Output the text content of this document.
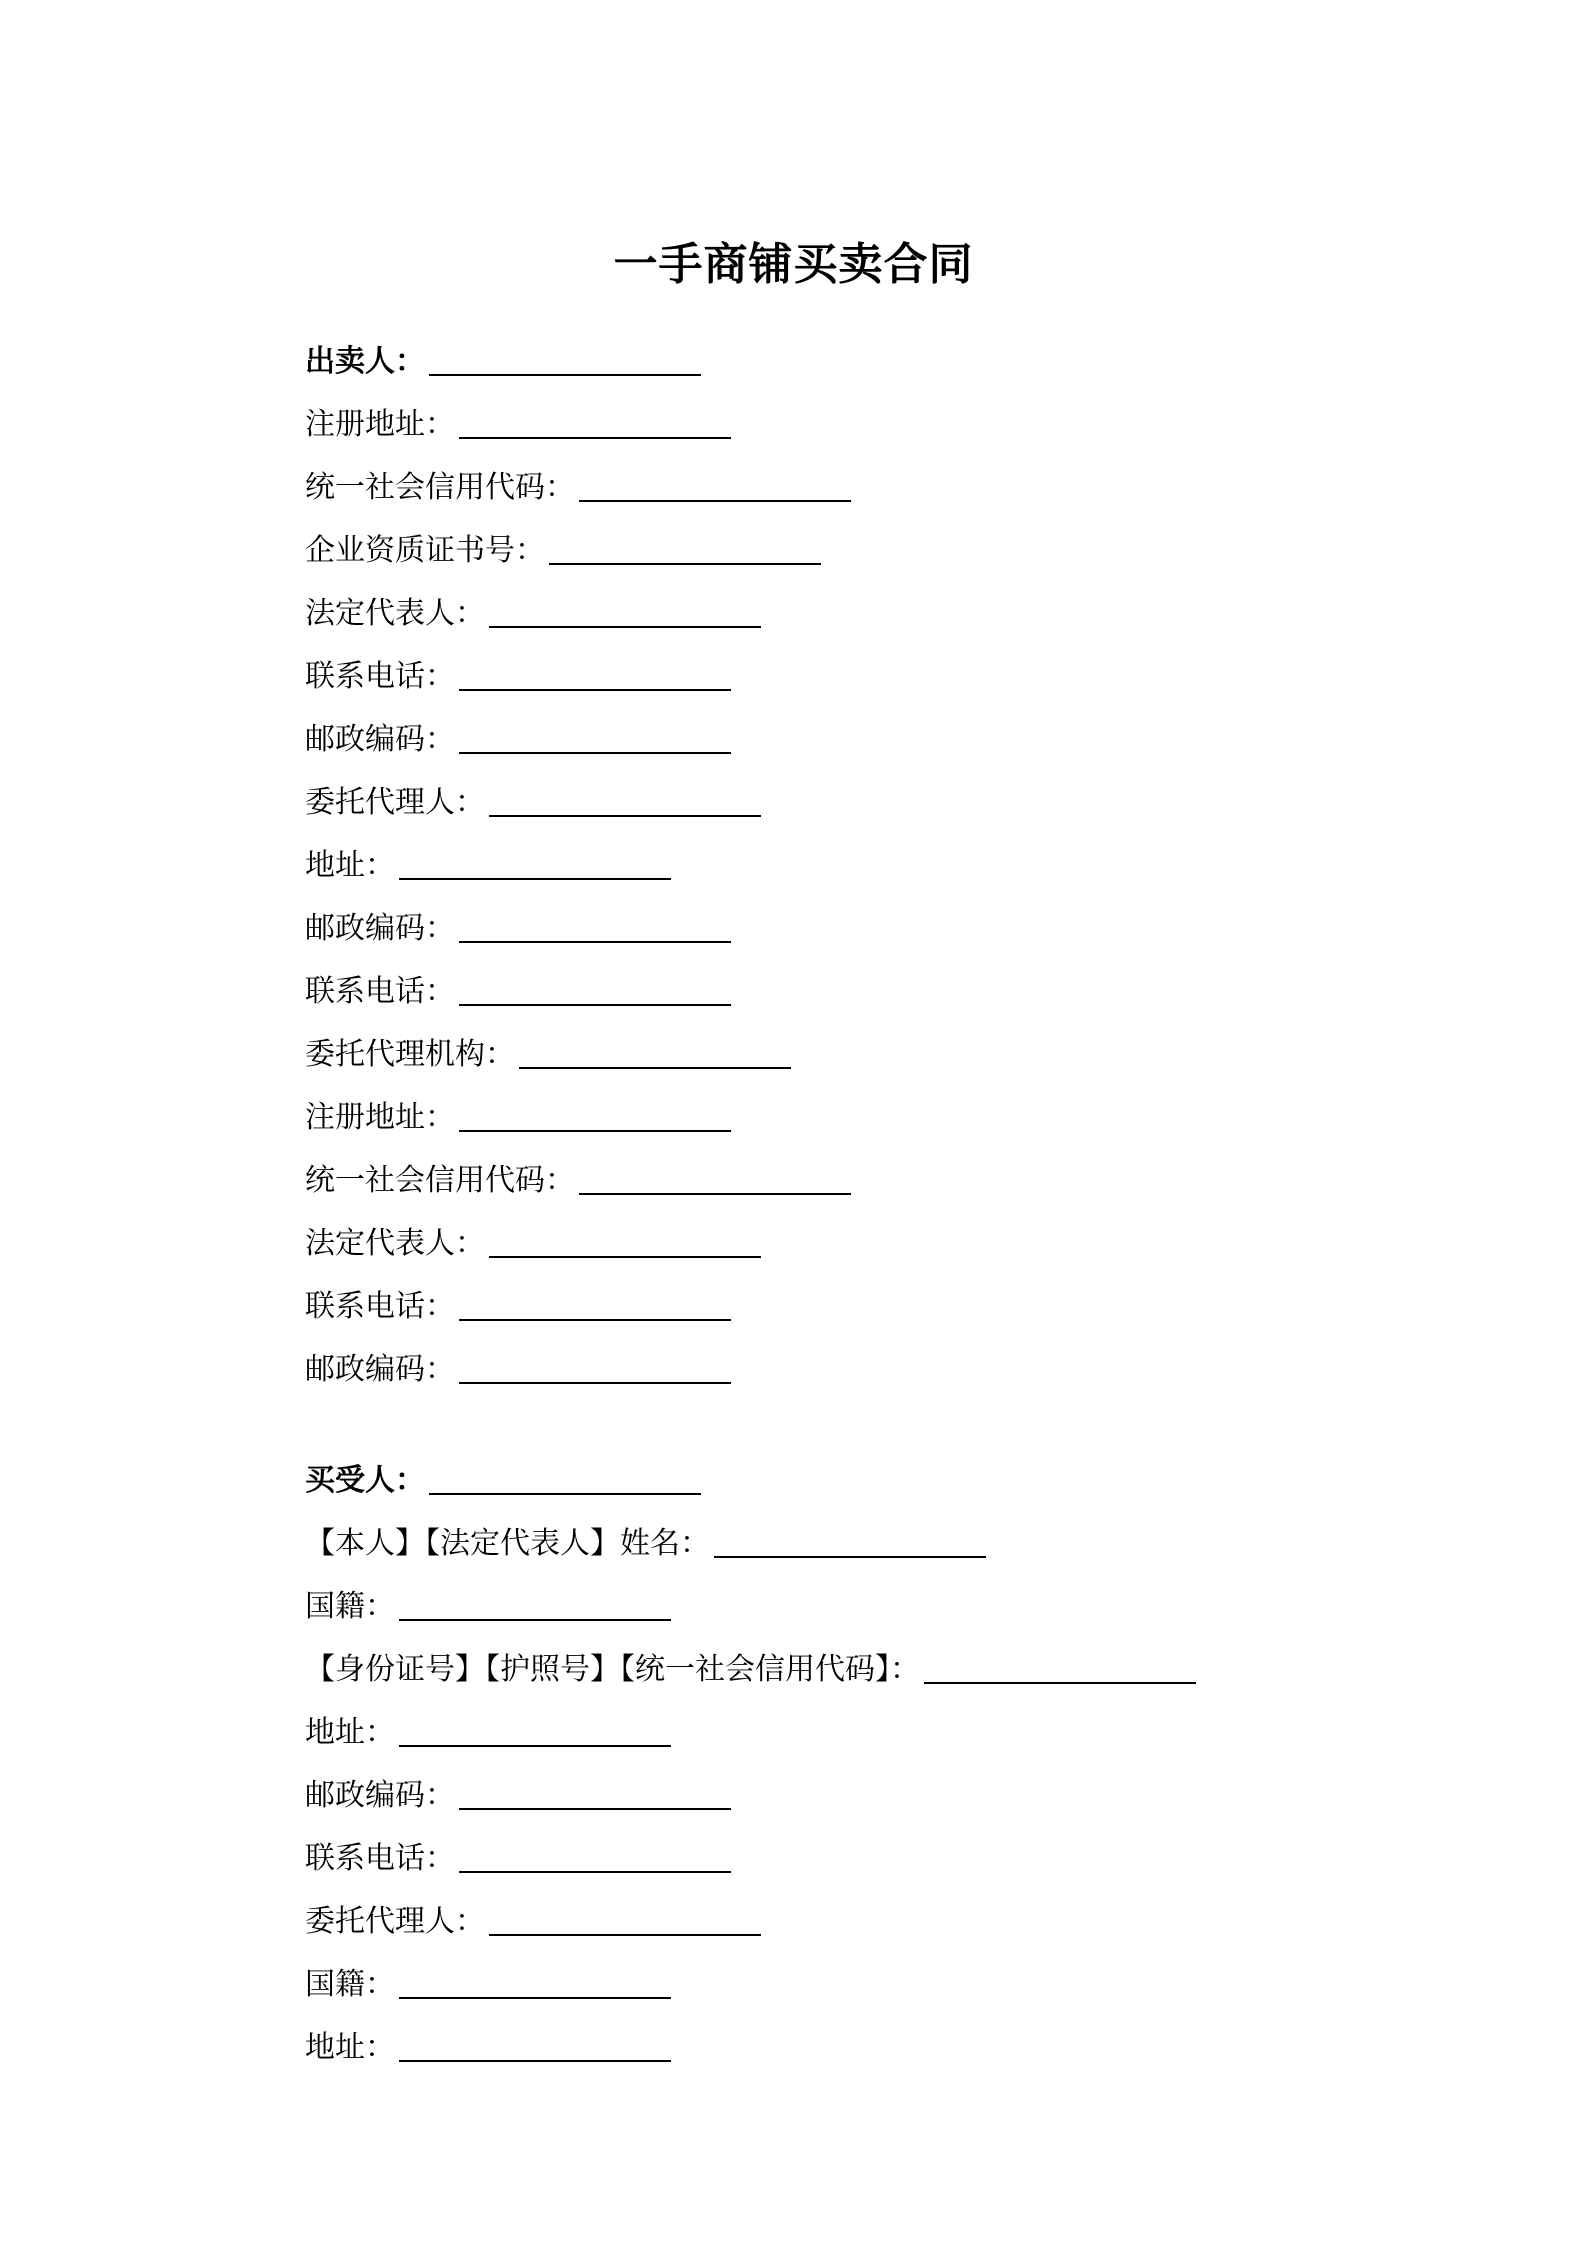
一手商铺买卖合同
出卖人：
注册地址：
统一社会信用代码：
企业资质证书号：
法定代表人：
联系电话：
邮政编码：
委托代理人：
地址：
邮政编码：
联系电话：
委托代理机构：
注册地址：
统一社会信用代码：
法定代表人：
联系电话：
邮政编码：
买受人：
【本人】【法定代表人】姓名：
国籍：
【身份证号】【护照号】【统一社会信用代码】：
地址：
邮政编码：
联系电话：
委托代理人：
国籍：
地址：
